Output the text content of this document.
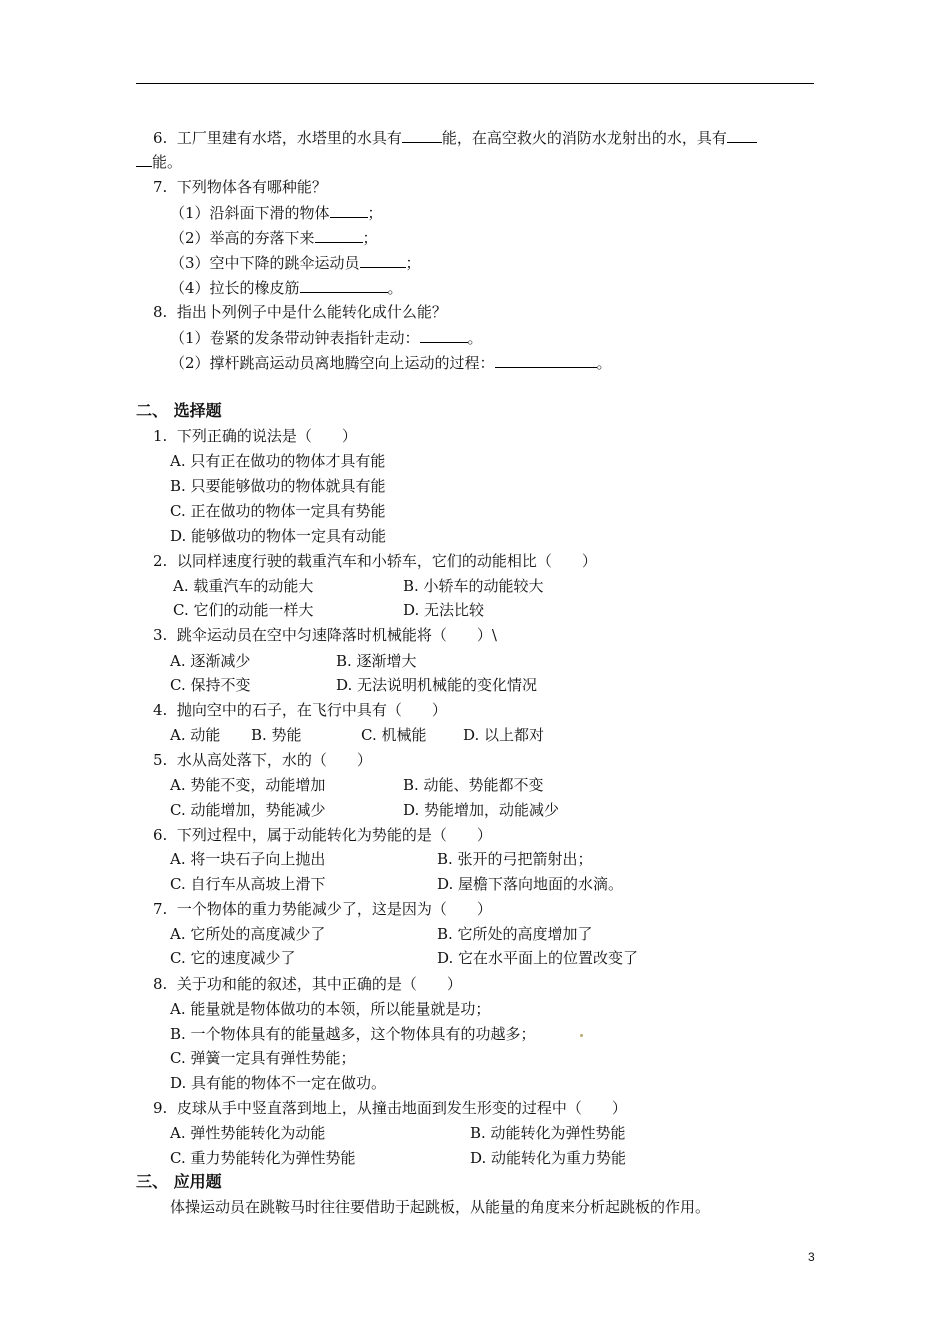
6. 工厂里建有水塔，水塔里的水具有	能，在高空救火的消防水龙射出的水，具有
能。
7. 下列物体各有哪种能？
（1）沿斜面下滑的物体	；
（2）举高的夯落下来	；
（3）空中下降的跳伞运动员	；
（4）拉长的橡皮筋	。
8. 指出卜列例子中是什么能转化成什么能？
（1）卷紧的发条带动钟表指针走动：	。
（2）撑杆跳高运动员离地腾空向上运动的过程：	。
二、 选择题
1. 下列正确的说法是（　　）
A. 只有正在做功的物体才具有能
B. 只要能够做功的物体就具有能
C. 正在做功的物体一定具有势能
D. 能够做功的物体一定具有动能
2. 以同样速度行驶的载重汽车和小轿车，它们的动能相比（　　）
A. 载重汽车的动能大	B. 小轿车的动能较大
C. 它们的动能一样大	D. 无法比较
3. 跳伞运动员在空中匀速降落时机械能将（　　）\
A. 逐渐减少	B. 逐渐增大
C. 保持不变	D. 无法说明机械能的变化情况
4. 抛向空中的石子，在飞行中具有（　　）
A. 动能 B. 势能	C. 机械能 D. 以上都对
5. 水从高处落下，水的（　　）
A. 势能不变，动能增加	B. 动能、势能都不变
C. 动能增加，势能减少	D. 势能增加，动能减少
6. 下列过程中，属于动能转化为势能的是（　　）
A. 将一块石子向上抛出	B. 张开的弓把箭射出；
C. 自行车从高坡上滑下	D. 屋檐下落向地面的水滴。
7. 一个物体的重力势能减少了，这是因为（　　）
A. 它所处的高度减少了	B. 它所处的高度增加了
C. 它的速度减少了	D. 它在水平面上的位置改变了
8. 关于功和能的叙述，其中正确的是（　　）
A. 能量就是物体做功的本领，所以能量就是功；
B. 一个物体具有的能量越多，这个物体具有的功越多；
C. 弹簧一定具有弹性势能；
D. 具有能的物体不一定在做功。
9. 皮球从手中竖直落到地上，从撞击地面到发生形变的过程中（　　）
A. 弹性势能转化为动能	B. 动能转化为弹性势能
C. 重力势能转化为弹性势能	D. 动能转化为重力势能
三、 应用题
体操运动员在跳鞍马时往往要借助于起跳板，从能量的角度来分析起跳板的作用。
3
